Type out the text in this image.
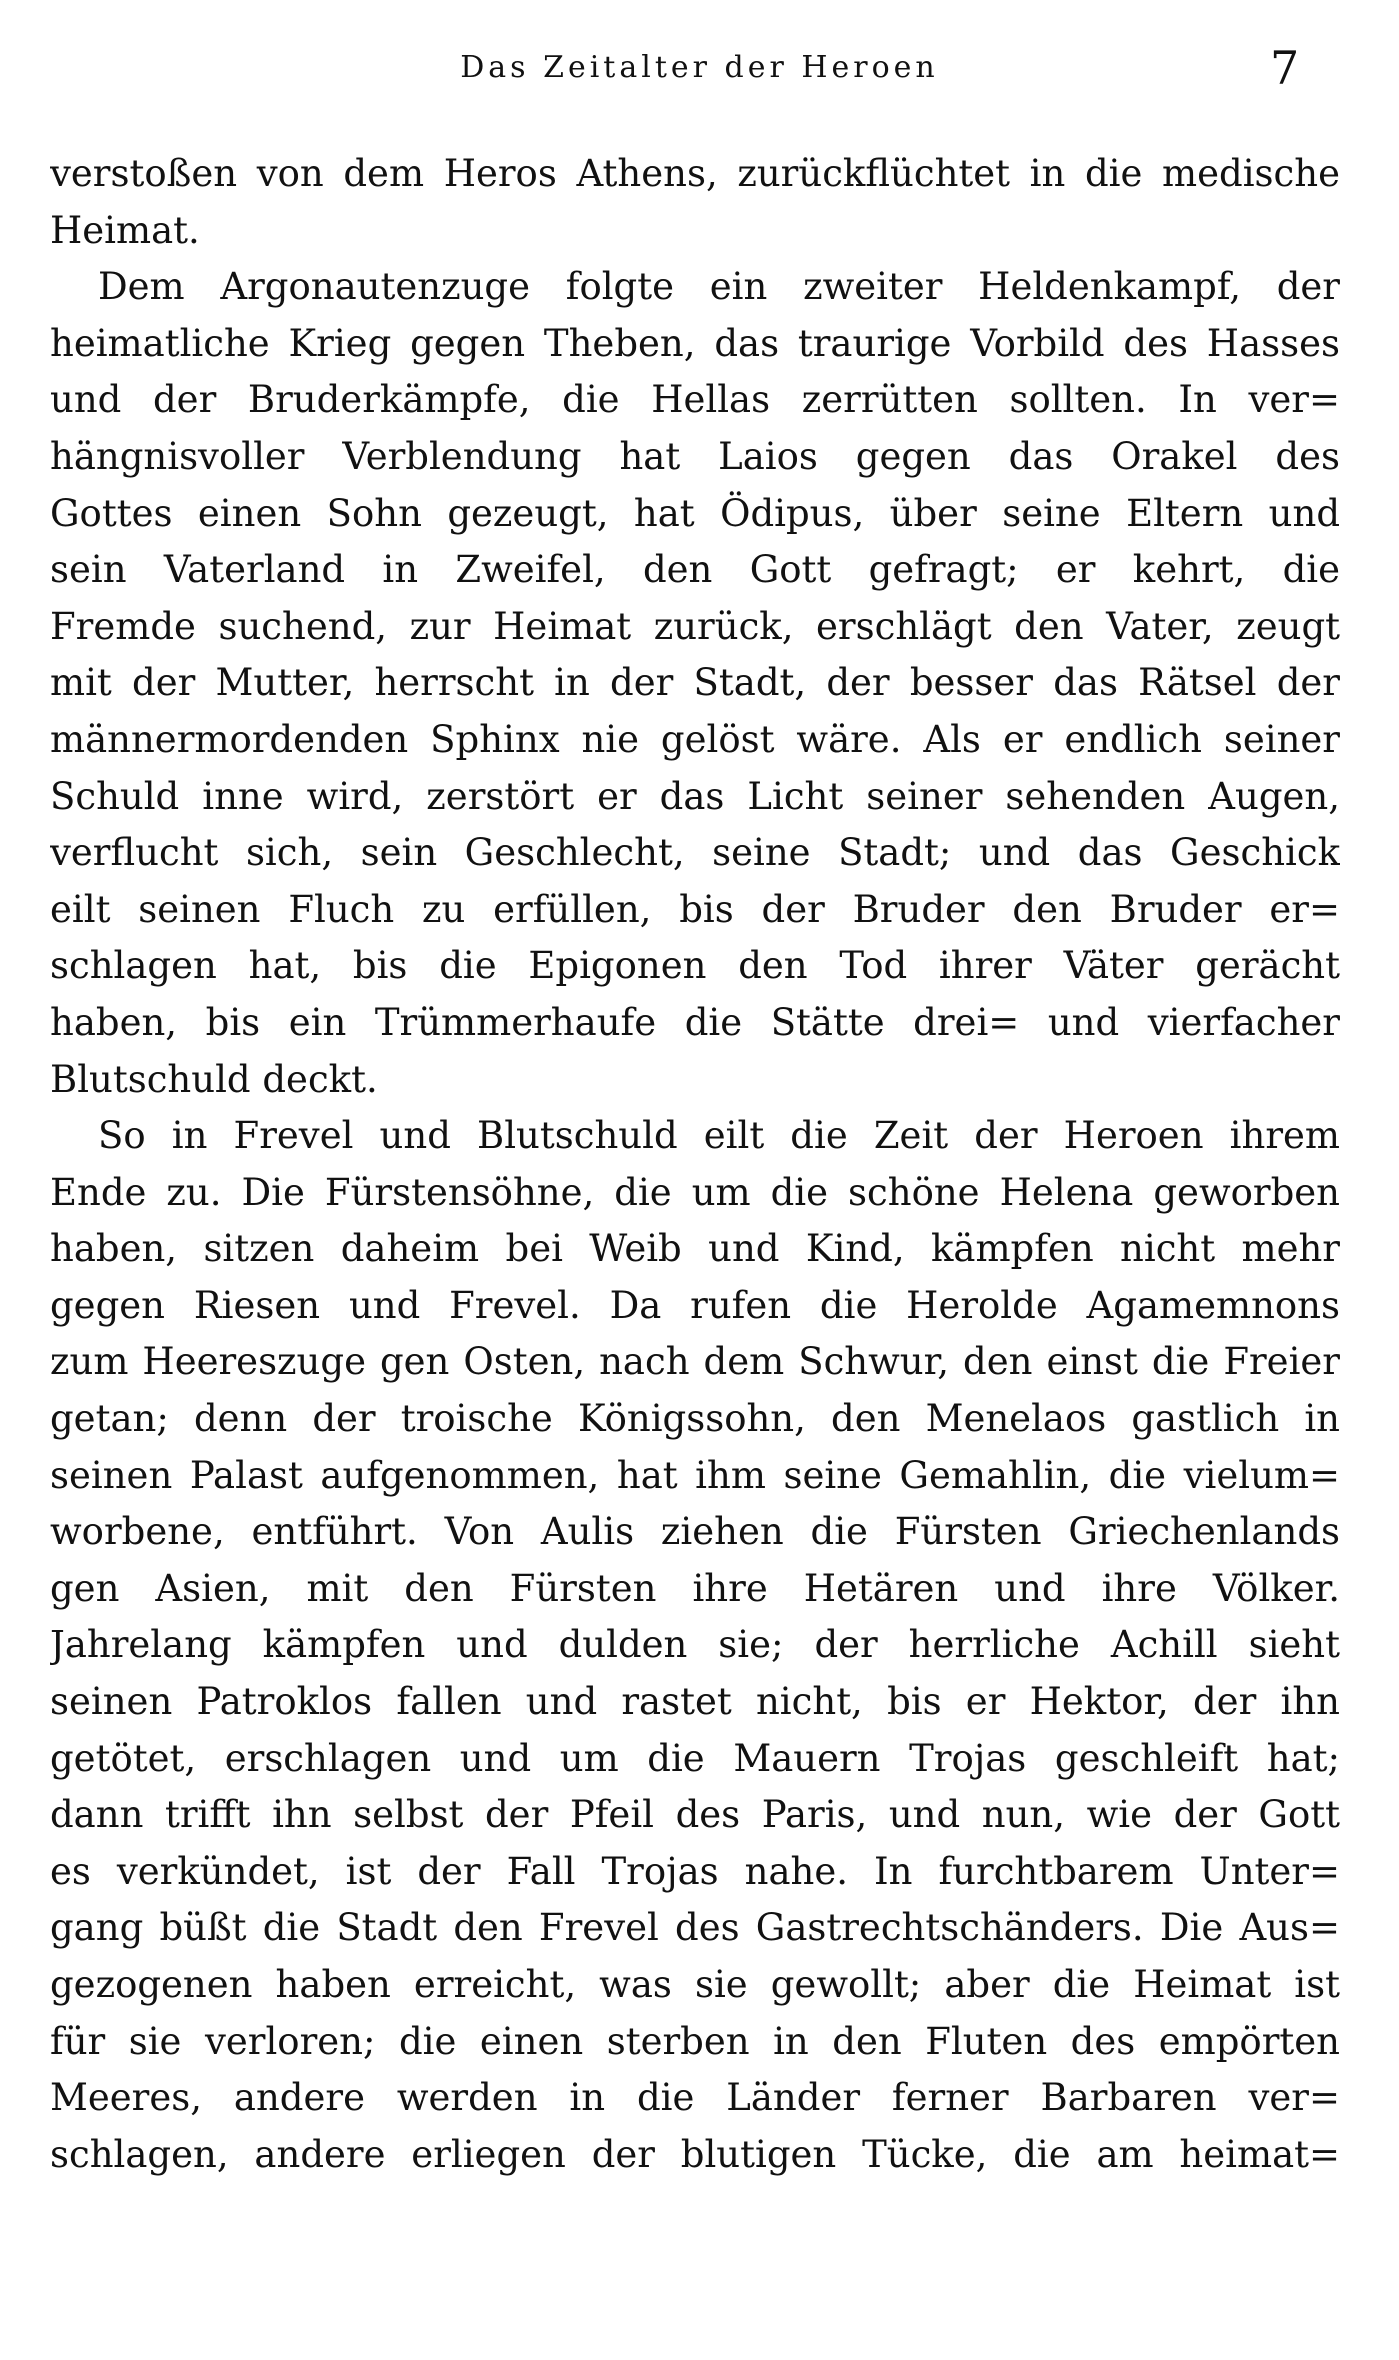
Das Zeitalter der Heroen	7
verstoßen von dem Heros Athens, zurückflüchtet in die medische
Heimat.
Dem Argonautenzuge folgte ein zweiter Heldenkampf, der
heimatliche Krieg gegen Theben, das traurige Vorbild des Hasses
und der Bruderkämpfe, die Hellas zerrütten sollten. In ver=
hängnisvoller Verblendung hat Laios gegen das Orakel des
Gottes einen Sohn gezeugt, hat Ödipus, über seine Eltern und
sein Vaterland in Zweifel, den Gott gefragt; er kehrt, die
Fremde suchend, zur Heimat zurück, erschlägt den Vater, zeugt
mit der Mutter, herrscht in der Stadt, der besser das Rätsel der
männermordenden Sphinx nie gelöst wäre. Als er endlich seiner
Schuld inne wird, zerstört er das Licht seiner sehenden Augen,
verflucht sich, sein Geschlecht, seine Stadt; und das Geschick
eilt seinen Fluch zu erfüllen, bis der Bruder den Bruder er=
schlagen hat, bis die Epigonen den Tod ihrer Väter gerächt
haben, bis ein Trümmerhaufe die Stätte drei= und vierfacher
Blutschuld deckt.
So in Frevel und Blutschuld eilt die Zeit der Heroen ihrem
Ende zu. Die Fürstensöhne, die um die schöne Helena geworben
haben, sitzen daheim bei Weib und Kind, kämpfen nicht mehr
gegen Riesen und Frevel. Da rufen die Herolde Agamemnons
zum Heereszuge gen Osten, nach dem Schwur, den einst die Freier
getan; denn der troische Königssohn, den Menelaos gastlich in
seinen Palast aufgenommen, hat ihm seine Gemahlin, die vielum=
worbene, entführt. Von Aulis ziehen die Fürsten Griechenlands
gen Asien, mit den Fürsten ihre Hetären und ihre Völker.
Jahrelang kämpfen und dulden sie; der herrliche Achill sieht
seinen Patroklos fallen und rastet nicht, bis er Hektor, der ihn
getötet, erschlagen und um die Mauern Trojas geschleift hat;
dann trifft ihn selbst der Pfeil des Paris, und nun, wie der Gott
es verkündet, ist der Fall Trojas nahe. In furchtbarem Unter=
gang büßt die Stadt den Frevel des Gastrechtschänders. Die Aus=
gezogenen haben erreicht, was sie gewollt; aber die Heimat ist
für sie verloren; die einen sterben in den Fluten des empörten
Meeres, andere werden in die Länder ferner Barbaren ver=
schlagen, andere erliegen der blutigen Tücke, die am heimat=
